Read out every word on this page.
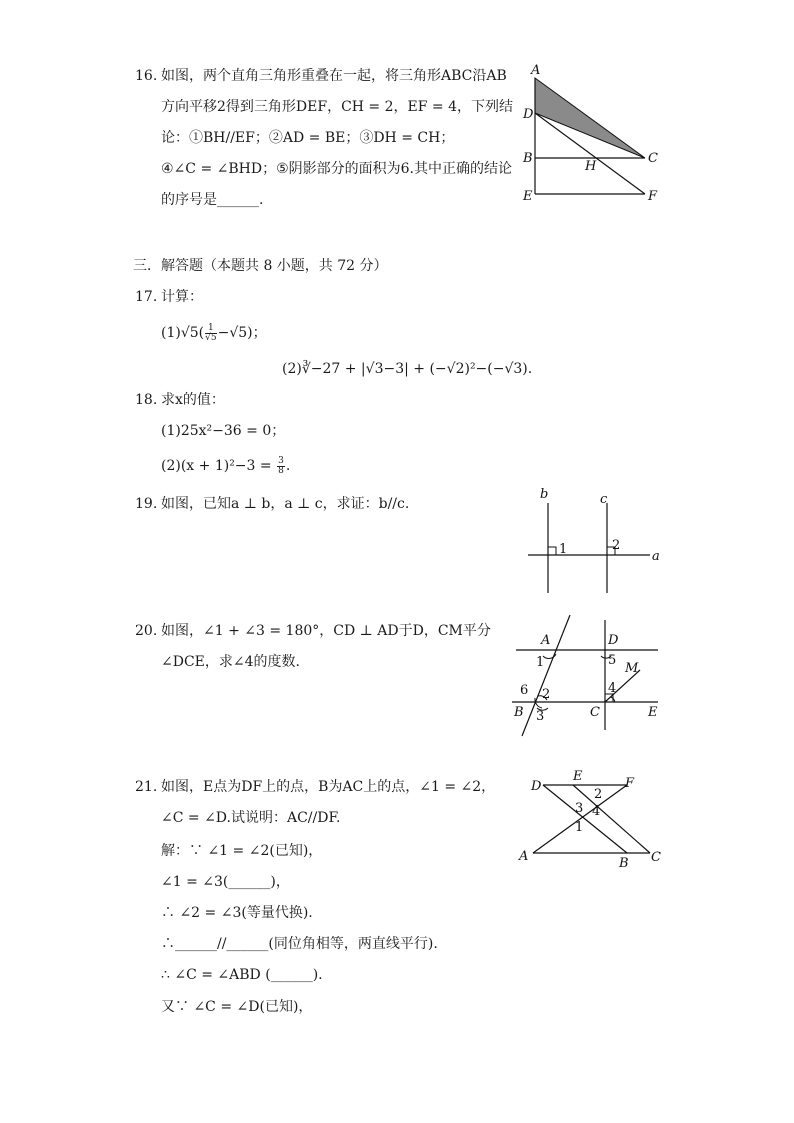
16. 如图，两个直角三角形重叠在一起，将三角形ABC沿AB
方向平移2得到三角形DEF，CH = 2，EF = 4，下列结
论：①BH//EF；②AD = BE；③DH = CH；
④∠C = ∠BHD；⑤阴影部分的面积为6.其中正确的结论
的序号是______.
A
D
B
E
H
C
F
三．解答题（本题共 8 小题，共 72 分）
17. 计算：
$(1)√5( \frac{1}{√5} -√5)$；
(2)∛−27 + |√3−3| + (−√2)²−(−√3).
18. 求x的值：
(1)25x²−36 = 0；
$(2)(x + 1)^2-3 = \frac{3}{8}$ .
19. 如图，已知a ⊥ b，a ⊥ c，求证：b//c.
b	c
a
1	2
20. 如图，∠1 + ∠3 = 180°，CD ⊥ AD于D，CM平分
∠DCE，求∠4的度数.
A	D
M
B	C	E
1
2
3
4
5
6
21. 如图，E点为DF上的点，B为AC上的点，∠1 = ∠2，
∠C = ∠D.试说明：AC//DF.
解：∵ ∠1 = ∠2(已知)，
∠1 = ∠3(______)，
∴ ∠2 = ∠3(等量代换).
∴______//______(同位角相等，两直线平行).
∴ ∠C = ∠ABD (______).
又∵ ∠C = ∠D(已知)，
D
E	F
A	B C
1
2
3 4
